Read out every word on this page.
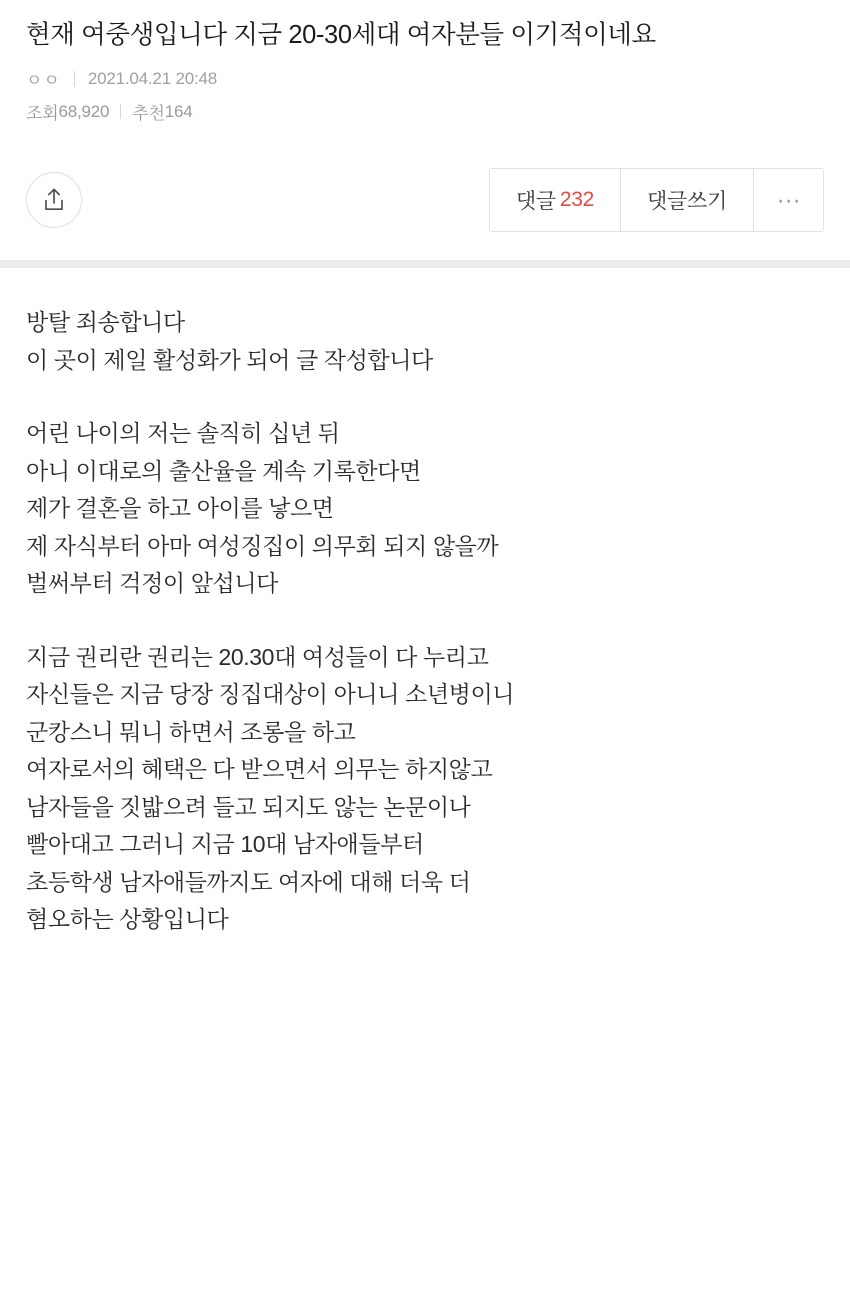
현재 여중생입니다 지금 20-30세대 여자분들 이기적이네요
ㅇㅇ 2021.04.21 20:48
조회 68,920 추천 164
댓글 232	댓글쓰기	···

방탈 죄송합니다

이 곳이 제일 활성화가 되어 글 작성합니다

어린 나이의 저는 솔직히 십년 뒤

아니 이대로의 출산율을 계속 기록한다면

제가 결혼을 하고 아이를 낳으면

제 자식부터 아마 여성징집이 의무회 되지 않을까

벌써부터 걱정이 앞섭니다

지금 권리란 권리는 20.30대 여성들이 다 누리고

자신들은 지금 당장 징집대상이 아니니 소년병이니

군캉스니 뭐니 하면서 조롱을 하고

여자로서의 혜택은 다 받으면서 의무는 하지않고

남자들을 짓밟으려 들고 되지도 않는 논문이나

빨아대고 그러니 지금 10대 남자애들부터

초등학생 남자애들까지도 여자에 대해 더욱 더

혐오하는 상황입니다
